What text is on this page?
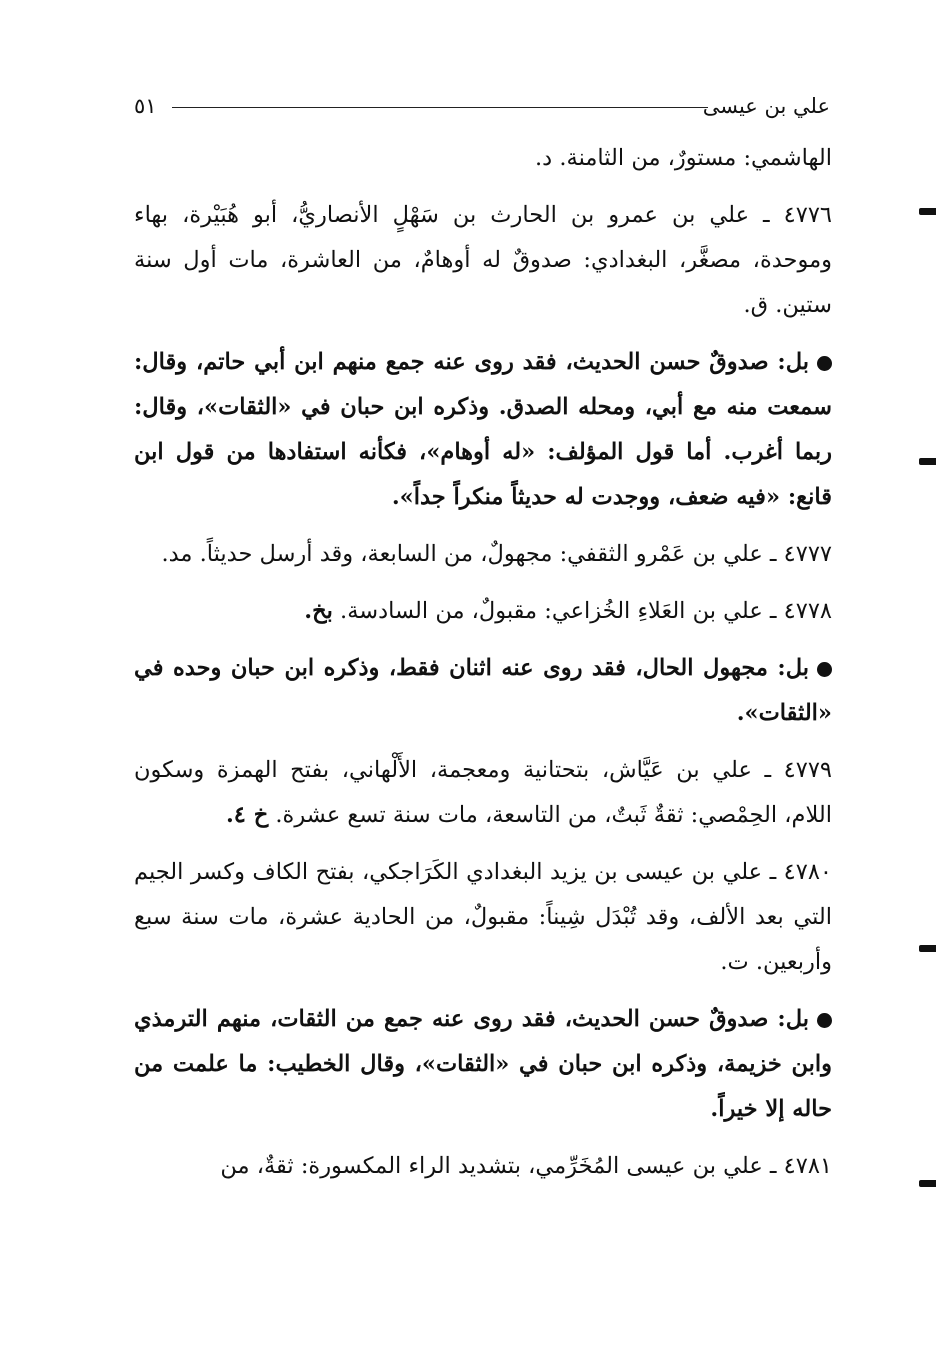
علي بن عيسى
٥١

الهاشمي: مستورٌ، من الثامنة. د.

٤٧٧٦ ـ علي بن عمرو بن الحارث بن سَهْلٍ الأنصاريُّ، أبو هُبَيْرة، بهاء وموحدة، مصغَّر، البغدادي: صدوقٌ له أوهامٌ، من العاشرة، مات أول سنة ستين. ق.

بل: صدوقٌ حسن الحديث، فقد روى عنه جمع منهم ابن أبي حاتم، وقال: سمعت منه مع أبي، ومحله الصدق. وذكره ابن حبان في «الثقات»، وقال: ربما أغرب. أما قول المؤلف: «له أوهام»، فكأنه استفادها من قول ابن قانع: «فيه ضعف، ووجدت له حديثاً منكراً جداً».

٤٧٧٧ ـ علي بن عَمْرو الثقفي: مجهولٌ، من السابعة، وقد أرسل حديثاً. مد.

٤٧٧٨ ـ علي بن العَلاءِ الخُزاعي: مقبولٌ، من السادسة. بخ.

بل: مجهول الحال، فقد روى عنه اثنان فقط، وذكره ابن حبان وحده في «الثقات».

٤٧٧٩ ـ علي بن عَيَّاش، بتحتانية ومعجمة، الأَلْهاني، بفتح الهمزة وسكون اللام، الحِمْصي: ثقةٌ ثَبتٌ، من التاسعة، مات سنة تسع عشرة. خ ٤.

٤٧٨٠ ـ علي بن عيسى بن يزيد البغدادي الكَرَاجكي، بفتح الكاف وكسر الجيم التي بعد الألف، وقد تُبْدَل شِيناً: مقبولٌ، من الحادية عشرة، مات سنة سبع وأربعين. ت.

بل: صدوقٌ حسن الحديث، فقد روى عنه جمع من الثقات، منهم الترمذي وابن خزيمة، وذكره ابن حبان في «الثقات»، وقال الخطيب: ما علمت من حاله إلا خيراً.

٤٧٨١ ـ علي بن عيسى المُخَرِّمي، بتشديد الراء المكسورة: ثقةٌ، من
